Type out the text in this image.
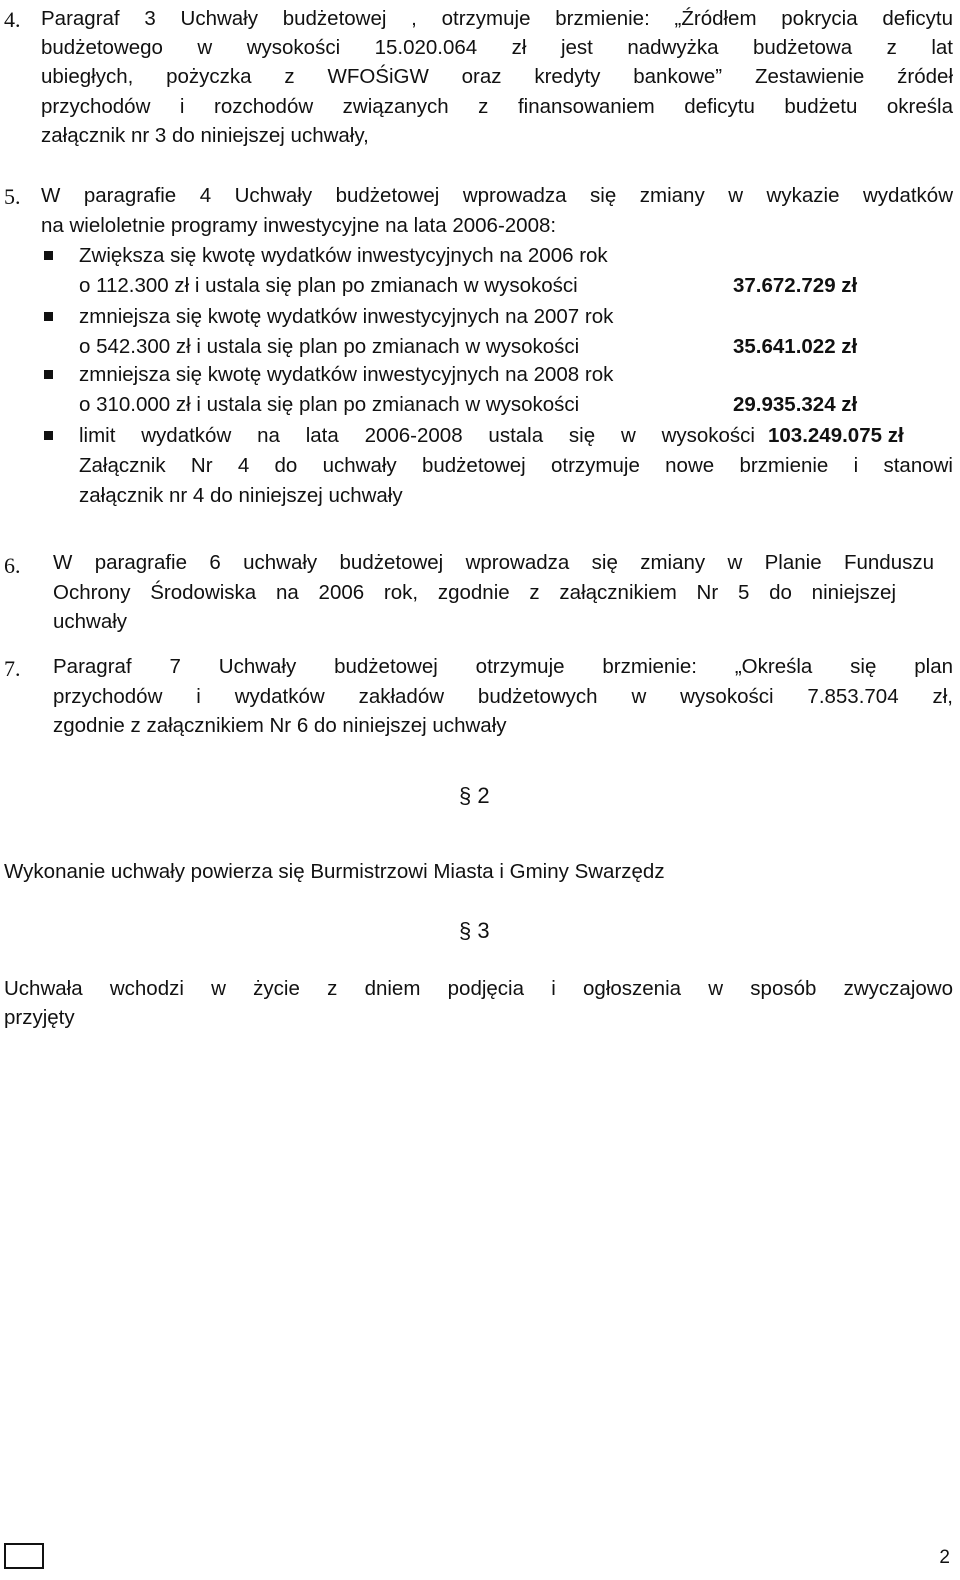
4. Paragraf 3 Uchwały budżetowej , otrzymuje brzmienie: „Źródłem pokrycia deficytu
budżetowego w wysokości 15.020.064 zł jest nadwyżka budżetowa z lat
ubiegłych, pożyczka z WFOŚiGW oraz kredyty bankowe” Zestawienie źródeł
przychodów i rozchodów związanych z finansowaniem deficytu budżetu określa
załącznik nr 3 do niniejszej uchwały,
5. W paragrafie 4 Uchwały budżetowej wprowadza się zmiany w wykazie wydatków
na wieloletnie programy inwestycyjne na lata 2006-2008:
Zwiększa się kwotę wydatków inwestycyjnych na 2006 rok
o 112.300 zł i ustala się plan po zmianach w wysokości	37.672.729 zł
zmniejsza się kwotę wydatków inwestycyjnych na 2007 rok
o 542.300 zł i ustala się plan po zmianach w wysokości	35.641.022 zł
zmniejsza się kwotę wydatków inwestycyjnych na 2008 rok
o 310.000 zł i ustala się plan po zmianach w wysokości	29.935.324 zł
limit wydatków na lata 2006-2008 ustala się w wysokości 103.249.075 zł
Załącznik Nr 4 do uchwały budżetowej otrzymuje nowe brzmienie i stanowi
załącznik nr 4 do niniejszej uchwały
6. W paragrafie 6 uchwały budżetowej wprowadza się zmiany w Planie Funduszu
Ochrony Środowiska na 2006 rok, zgodnie z załącznikiem Nr 5 do niniejszej
uchwały
7. Paragraf 7 Uchwały budżetowej otrzymuje brzmienie: „Określa się plan
przychodów i wydatków zakładów budżetowych w wysokości 7.853.704 zł,
zgodnie z załącznikiem Nr 6 do niniejszej uchwały
§ 2
Wykonanie uchwały powierza się Burmistrzowi Miasta i Gminy Swarzędz
§ 3
Uchwała wchodzi w życie z dniem podjęcia i ogłoszenia w sposób zwyczajowo
przyjęty
2
